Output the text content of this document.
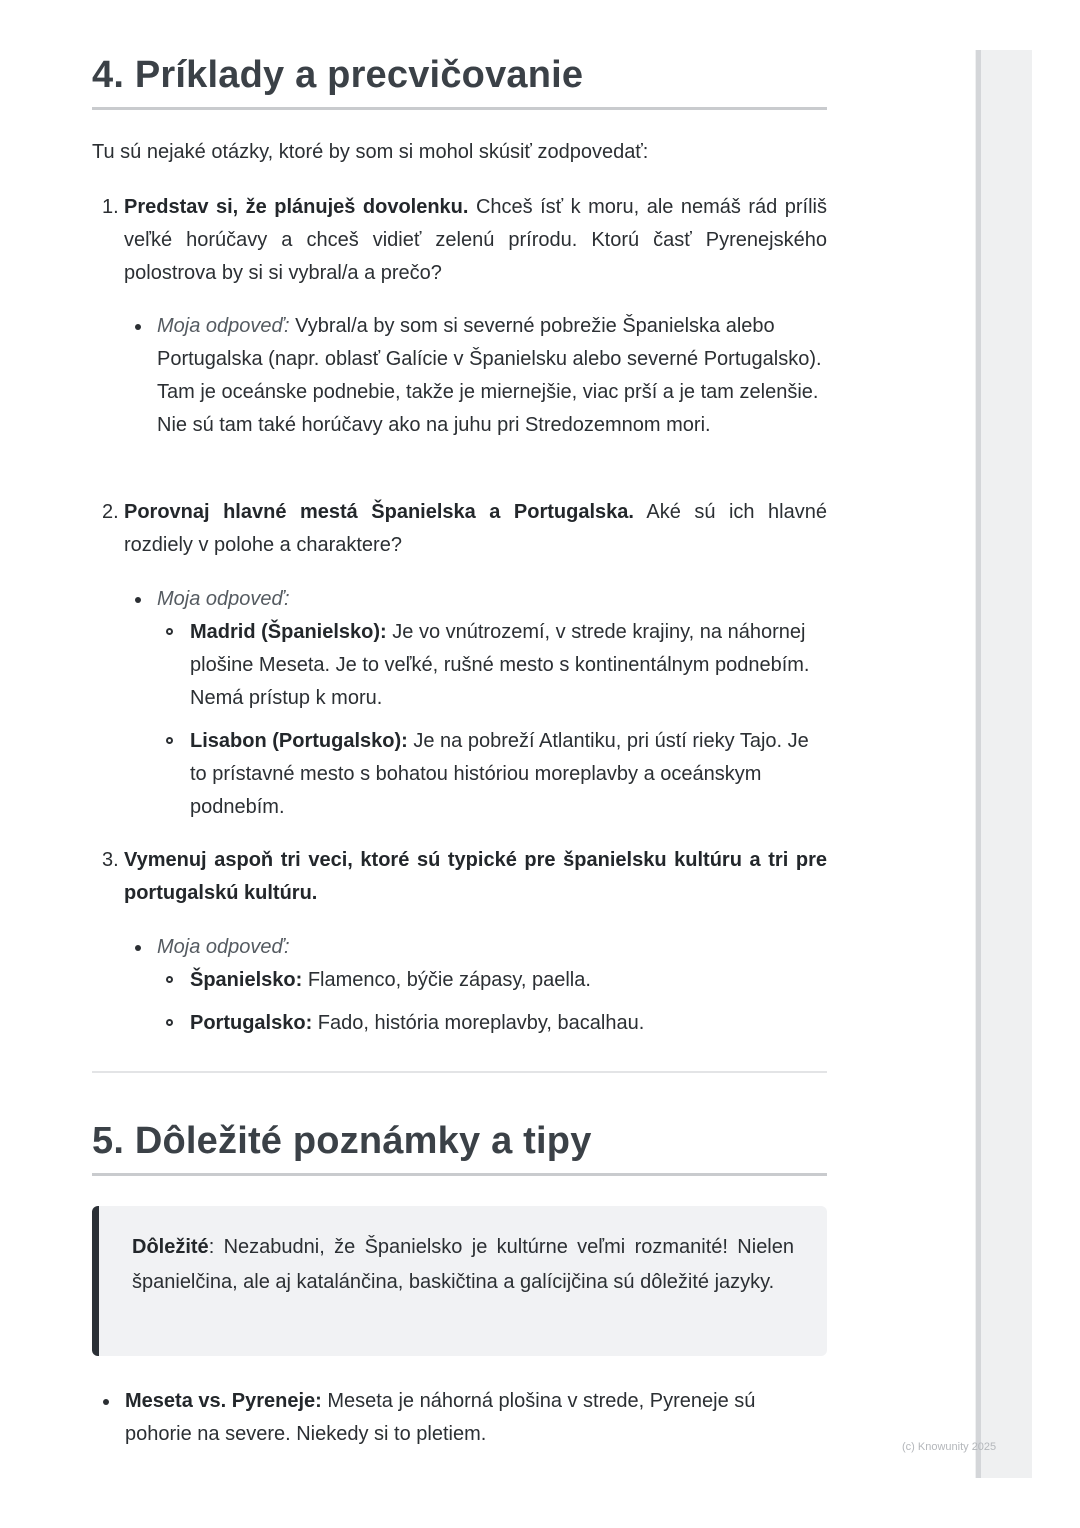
(c) Knowunity 2025
4. Príklady a precvičovanie

Tu sú nejaké otázky, ktoré by som si mohol skúsiť zodpovedať:

1. Predstav si, že plánuješ dovolenku. Chceš ísť k moru, ale nemáš rád príliš veľké horúčavy a chceš vidieť zelenú prírodu. Ktorú časť Pyrenejského polostrova by si si vybral/a a prečo?

Moja odpoveď: Vybral/a by som si severné pobrežie Španielska alebo Portugalska (napr. oblasť Galície v Španielsku alebo severné Portugalsko). Tam je oceánske podnebie, takže je miernejšie, viac prší a je tam zelenšie. Nie sú tam také horúčavy ako na juhu pri Stredozemnom mori.

2. Porovnaj hlavné mestá Španielska a Portugalska. Aké sú ich hlavné rozdiely v polohe a charaktere?

Moja odpoveď:

Madrid (Španielsko): Je vo vnútrozemí, v strede krajiny, na náhornej plošine Meseta. Je to veľké, rušné mesto s kontinentálnym podnebím. Nemá prístup k moru.

Lisabon (Portugalsko): Je na pobreží Atlantiku, pri ústí rieky Tajo. Je to prístavné mesto s bohatou históriou moreplavby a oceánskym podnebím.

3. Vymenuj aspoň tri veci, ktoré sú typické pre španielsku kultúru a tri pre portugalskú kultúru.

Moja odpoveď:

Španielsko: Flamenco, býčie zápasy, paella.

Portugalsko: Fado, história moreplavby, bacalhau.

5. Dôležité poznámky a tipy

Dôležité: Nezabudni, že Španielsko je kultúrne veľmi rozmanité! Nielen španielčina, ale aj katalánčina, baskičtina a galícijčina sú dôležité jazyky.

Meseta vs. Pyreneje: Meseta je náhorná plošina v strede, Pyreneje sú pohorie na severe. Niekedy si to pletiem.
